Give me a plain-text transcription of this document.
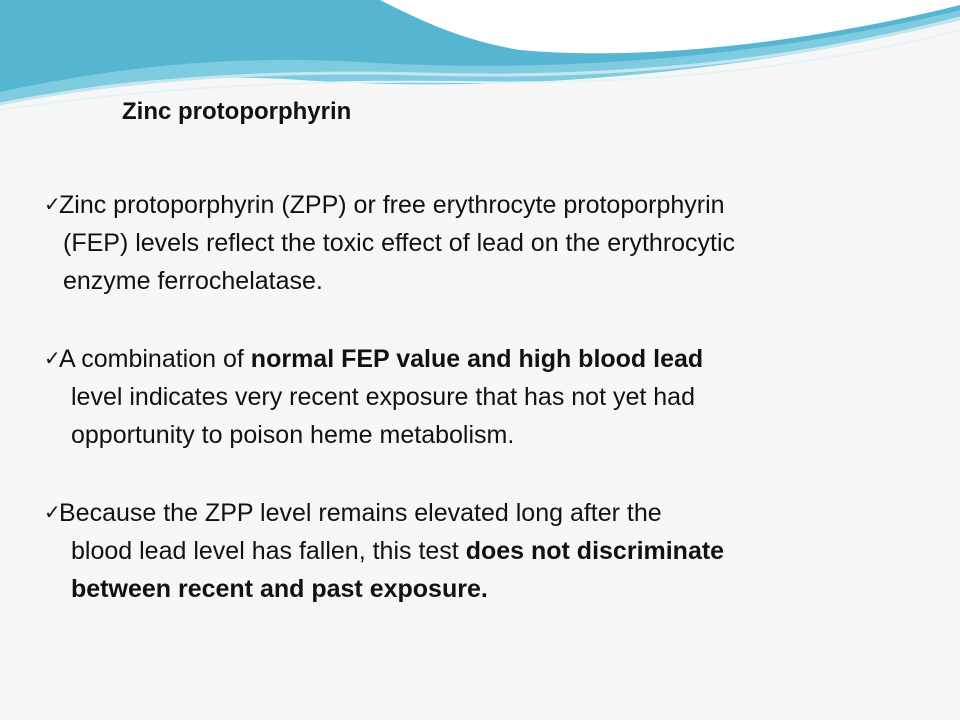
Zinc protoporphyrin
✓
Zinc protoporphyrin (ZPP) or free erythrocyte protoporphyrin
(FEP) levels reflect the toxic effect of lead on the erythrocytic
enzyme ferrochelatase.
✓
A combination of normal FEP value and high blood lead
level indicates very recent exposure that has not yet had
opportunity to poison heme metabolism.
✓
Because the ZPP level remains elevated long after the
blood lead level has fallen, this test does not discriminate
between recent and past exposure.
